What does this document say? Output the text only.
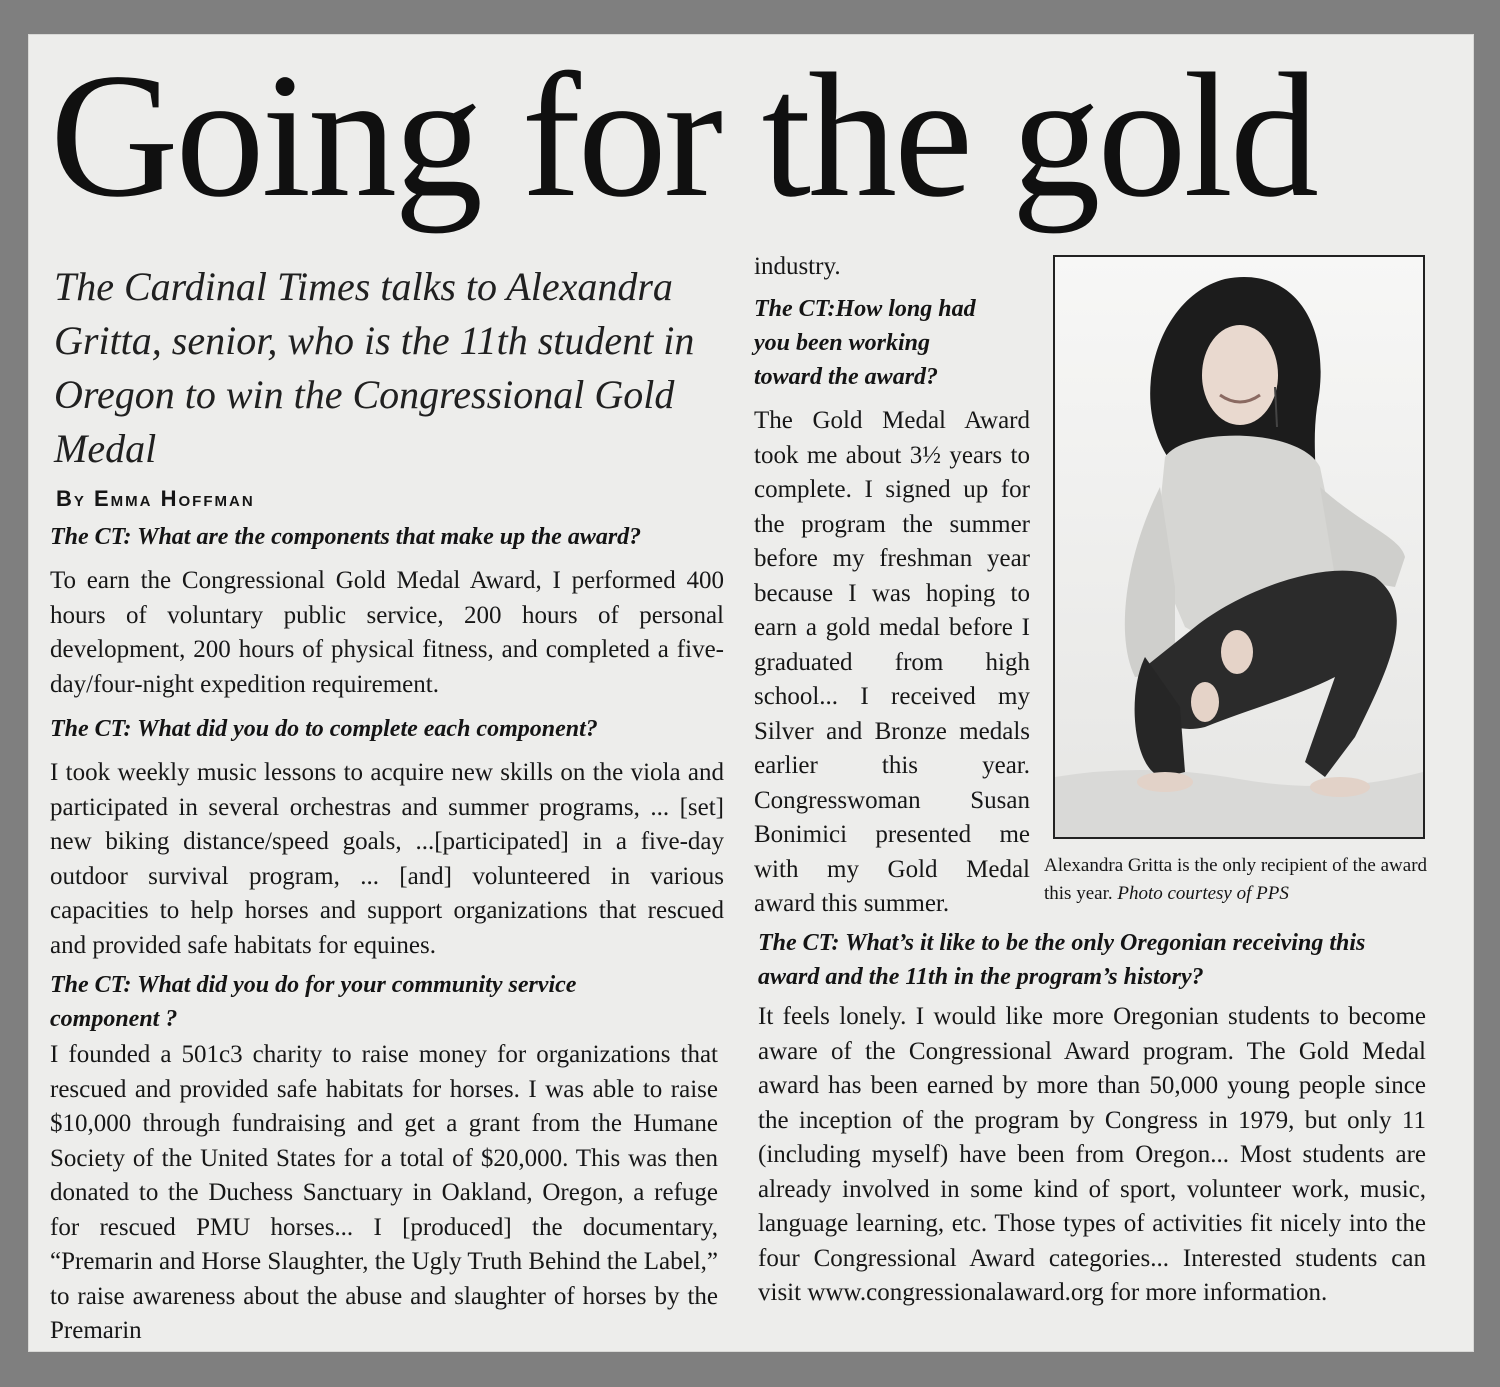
Going for the gold
The Cardinal Times talks to Alexandra Gritta, senior, who is the 11th student in Oregon to win the Congressional Gold Medal
By Emma Hoffman
The CT: What are the components that make up the award?
To earn the Congressional Gold Medal Award, I performed 400 hours of voluntary public service, 200 hours of personal development, 200 hours of physical fitness, and completed a five-day/four-night expedition requirement.
The CT: What did you do to complete each component?
I took weekly music lessons to acquire new skills on the viola and participated in several orchestras and summer programs, ... [set] new biking distance/speed goals, ...[participated] in a five-day outdoor survival program, ... [and] volunteered in various capacities to help horses and support organizations that rescued and provided safe habitats for equines.
The CT: What did you do for your community service component ?
I founded a 501c3 charity to raise money for organizations that rescued and provided safe habitats for horses. I was able to raise $10,000 through fundraising and get a grant from the Humane Society of the United States for a total of $20,000. This was then donated to the Duchess Sanctuary in Oakland, Oregon, a refuge for rescued PMU horses... I [produced] the documentary, “Premarin and Horse Slaughter, the Ugly Truth Behind the Label,” to raise awareness about the abuse and slaughter of horses by the Premarin
industry.
The CT:How long had you been working toward the award?
The Gold Medal Award took me about 3½ years to complete. I signed up for the program the summer before my freshman year because I was hoping to earn a gold medal before I graduated from high school... I received my Silver and Bronze medals earlier this year. Congresswoman Susan Bonimici presented me with my Gold Medal award this summer.
Alexandra Gritta is the only recipient of the award this year. Photo courtesy of PPS
The CT: What’s it like to be the only Oregonian receiving this award and the 11th in the program’s history?
It feels lonely. I would like more Oregonian students to become aware of the Congressional Award program. The Gold Medal award has been earned by more than 50,000 young people since the inception of the program by Congress in 1979, but only 11 (including myself) have been from Oregon... Most students are already involved in some kind of sport, volunteer work, music, language learning, etc. Those types of activities fit nicely into the four Congressional Award categories... Interested students can visit www.congressionalaward.org for more information.
